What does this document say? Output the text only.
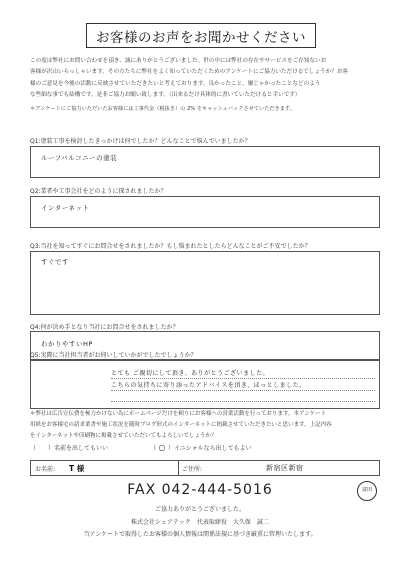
お客様のお声をお聞かせください
この度は弊社にお問い合わせを頂き、誠にありがとうございました。世の中には弊社の存在やサービスをご存知ないお
客様が沢山いらっしゃいます。その方たちに弊社をよく知っていただくためのアンケートにご協力いただけるでしょうか？お客
様のご意見を今後の活動に反映させていただきたいと考えております。良かったこと、嫌じゃかったことなどのよう
な些細な事でも結構です。是非ご協力お願い致します。（出来るだけ具体的に書いていただけると幸いです）
＊アンケートにご協力いただいたお客様には工事代金（税抜き）の 2% をキャッシュバックさせていただきます。
Q1:塗装工事を検討したきっかけは何でしたか？どんなことで悩んでいましたか？
ルーフバルコニーの塗装
Q2:業者や工事会社をどのように探されましたか？
インターネット
Q3:当社を知ってすぐにお問合せをされましたか？もし悩まれたとしたらどんなことがご不安でしたか？
すぐです
Q4:何が決め手となり当社にお問合せをされましたか？
わかりやすいHP
Q5:実際に当社担当者がお伺いしていかがでしたでしょうか？
とても ご親切にして頂き、ありがとうございました。
こちらの気持ちに寄り添ったアドバイスを頂き、ほっとしました。
＊弊社は広告宣伝費を極力かけない為にホームページだけを頼りにお客様への営業活動を行っております。本アンケート
用紙をお客様宅の請求業書や施工状況を随時ブログ形式のインターネットに掲載させていただきたいと思います。上記内容
をインターネットや印刷物に掲載させていただいてもよろしいでしょうか？
（ ）名前を出してもいい	（ ○ ）イニシャルなら出してもよい
お名前: T 様	ご住所:	新宿区新宿
FAX 042-444-5016	富田
ご協力ありがとうございました。
株式会社シェアテック　代表取締役　大久保　誠二
当アンケートで取得したお客様の個人情報は関係法規に基づき厳重に管理いたします。
